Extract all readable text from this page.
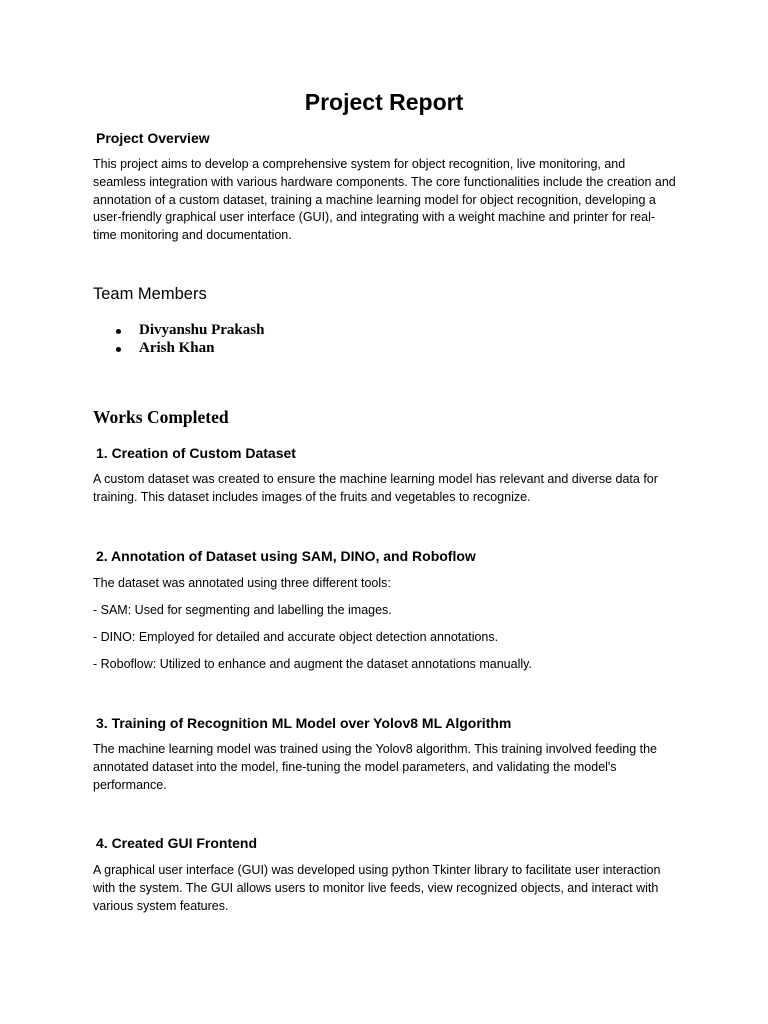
Project Report
Project Overview

This project aims to develop a comprehensive system for object recognition, live monitoring, and seamless integration with various hardware components. The core functionalities include the creation and annotation of a custom dataset, training a machine learning model for object recognition, developing a user-friendly graphical user interface (GUI), and integrating with a weight machine and printer for real-time monitoring and documentation.

Team Members
Divyanshu Prakash
Arish Khan
Works Completed
1. Creation of Custom Dataset

A custom dataset was created to ensure the machine learning model has relevant and diverse data for training. This dataset includes images of the fruits and vegetables to recognize.

2. Annotation of Dataset using SAM, DINO, and Roboflow

The dataset was annotated using three different tools:

- SAM: Used for segmenting and labelling the images.

- DINO: Employed for detailed and accurate object detection annotations.

- Roboflow: Utilized to enhance and augment the dataset annotations manually.

3. Training of Recognition ML Model over Yolov8 ML Algorithm

The machine learning model was trained using the Yolov8 algorithm. This training involved feeding the annotated dataset into the model, fine-tuning the model parameters, and validating the model's performance.

4. Created GUI Frontend

A graphical user interface (GUI) was developed using python Tkinter library to facilitate user interaction with the system. The GUI allows users to monitor live feeds, view recognized objects, and interact with various system features.
